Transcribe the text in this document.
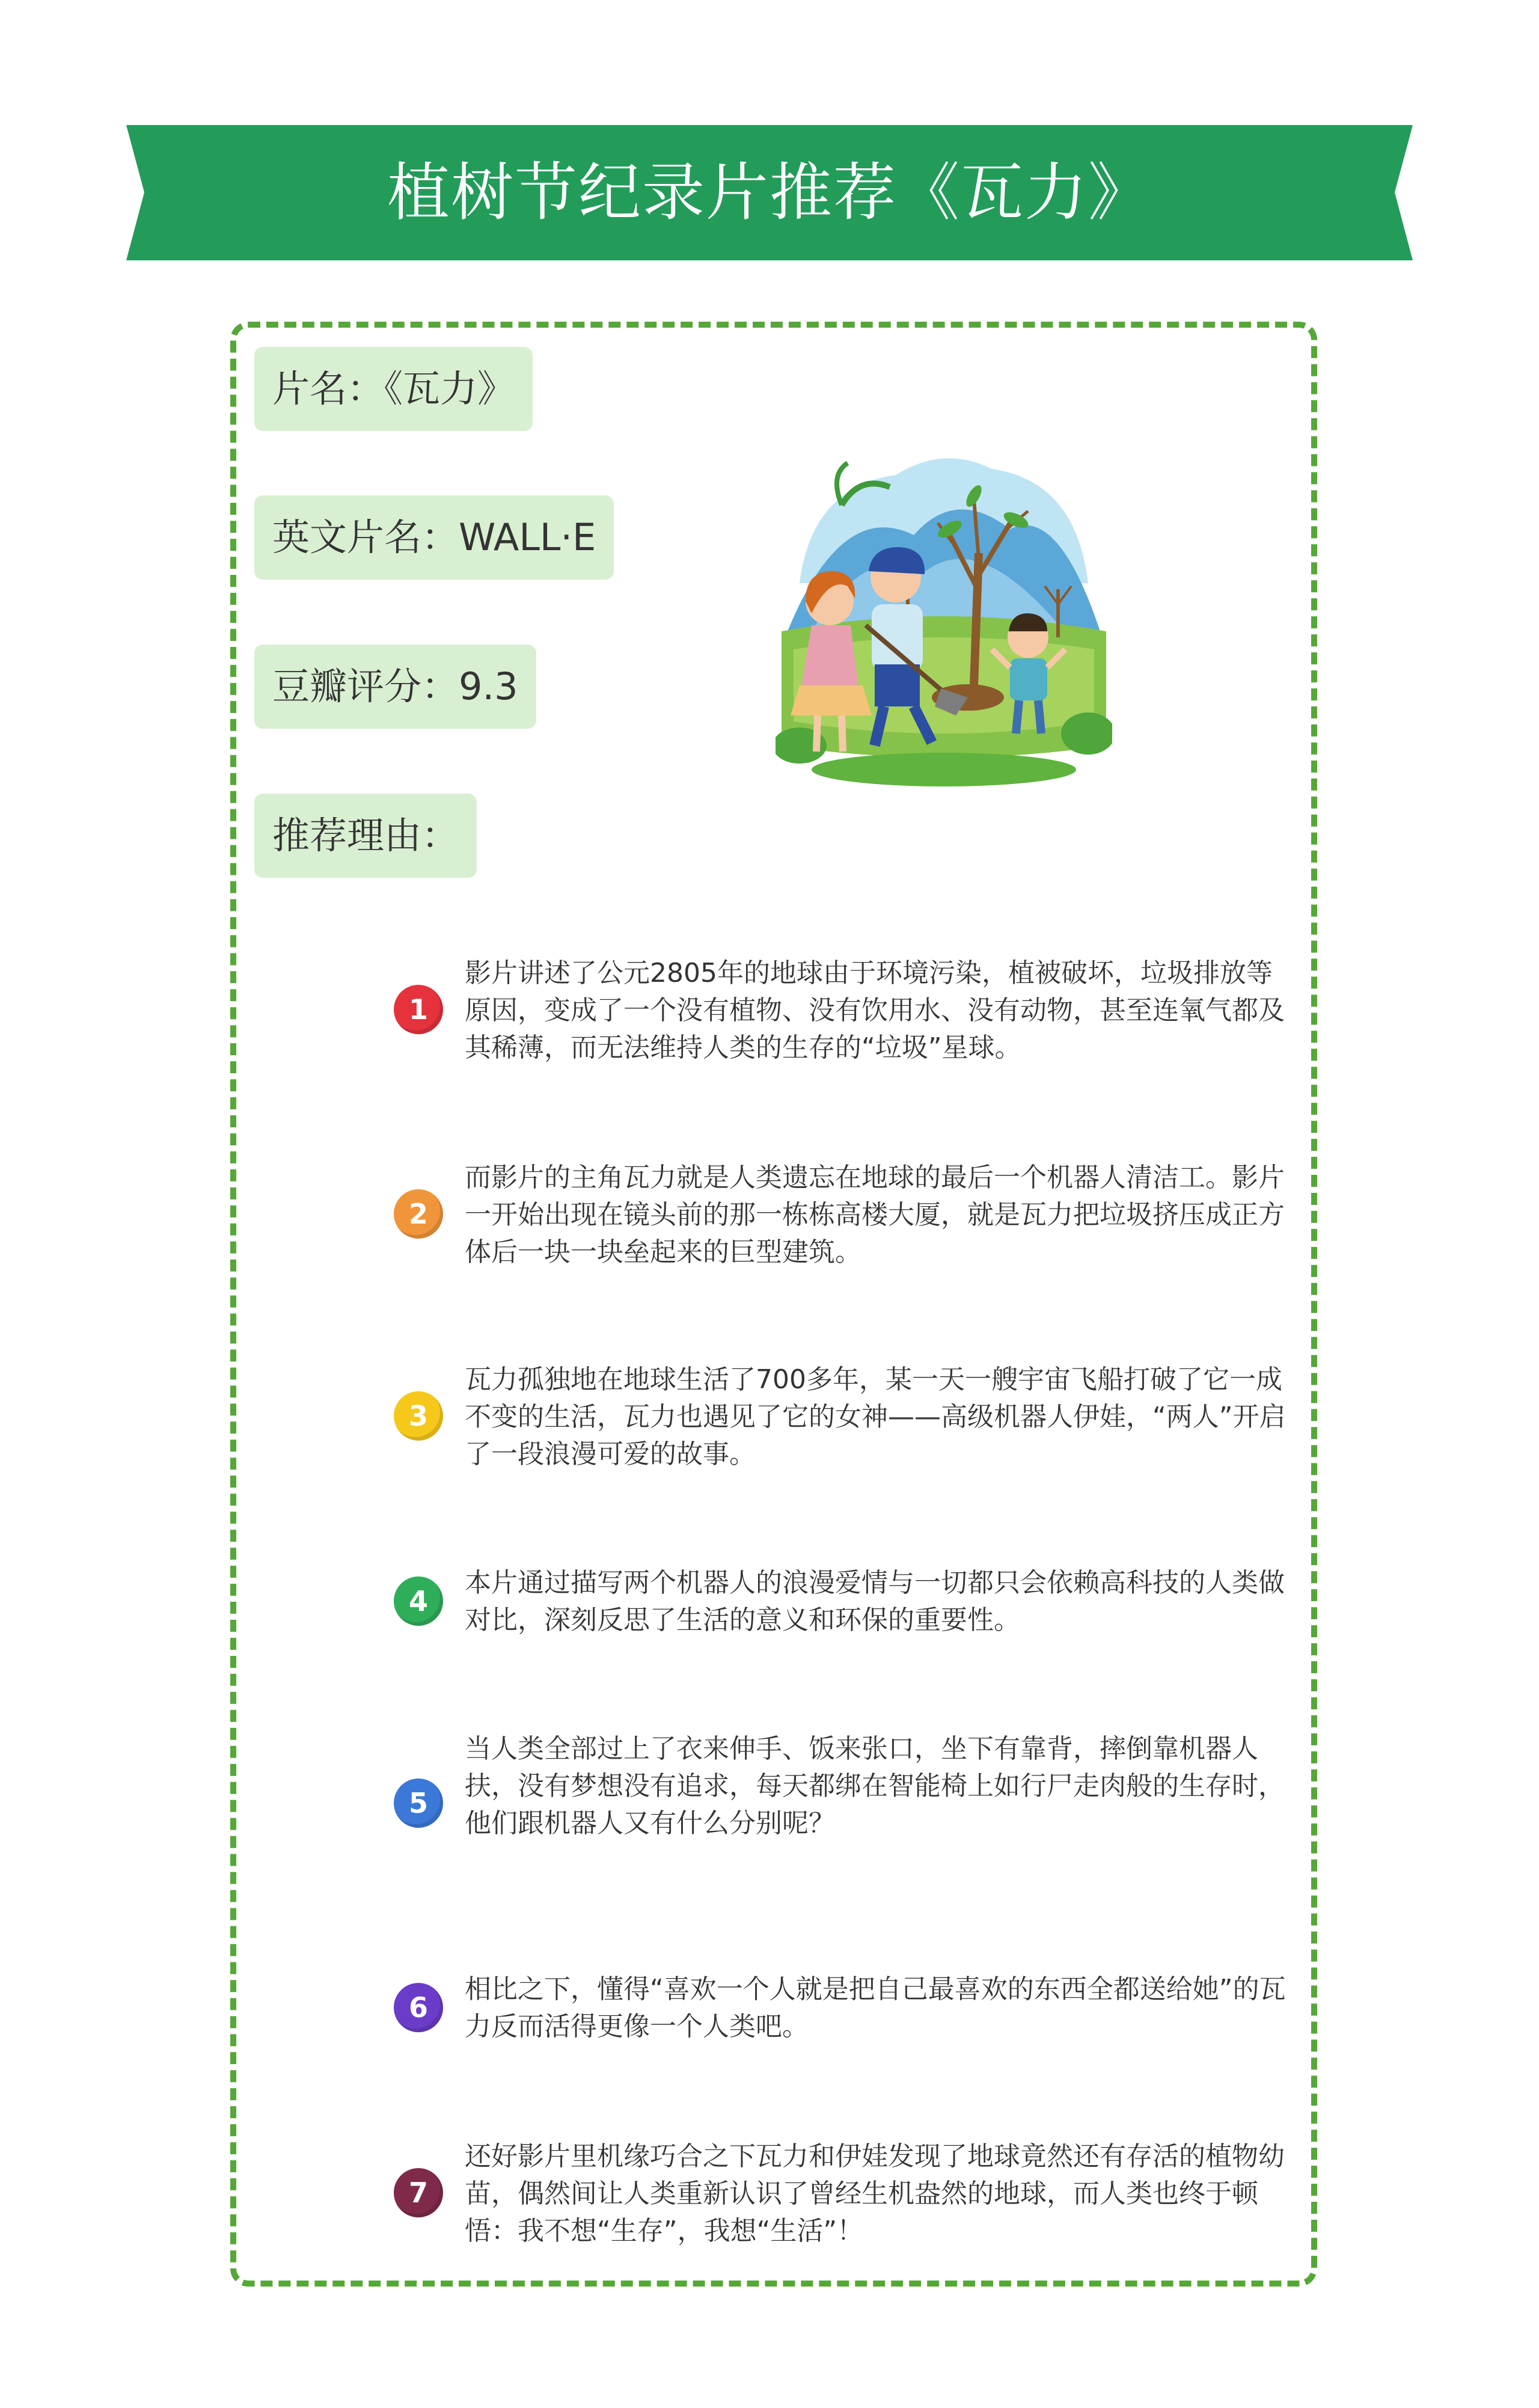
植树节纪录片推荐《瓦力》
片名：《瓦力》
英文片名：WALL·E
豆瓣评分：9.3
推荐理由：
1
影片讲述了公元2805年的地球由于环境污染，植被破坏，垃圾排放等原因，变成了一个没有植物、没有饮用水、没有动物，甚至连氧气都及其稀薄，而无法维持人类的生存的“垃圾”星球。
2
而影片的主角瓦力就是人类遗忘在地球的最后一个机器人清洁工。影片一开始出现在镜头前的那一栋栋高楼大厦，就是瓦力把垃圾挤压成正方体后一块一块垒起来的巨型建筑。
3
瓦力孤独地在地球生活了700多年，某一天一艘宇宙飞船打破了它一成不变的生活，瓦力也遇见了它的女神——高级机器人伊娃，“两人”开启了一段浪漫可爱的故事。
4
本片通过描写两个机器人的浪漫爱情与一切都只会依赖高科技的人类做对比，深刻反思了生活的意义和环保的重要性。
5
当人类全部过上了衣来伸手、饭来张口，坐下有靠背，摔倒靠机器人扶，没有梦想没有追求，每天都绑在智能椅上如行尸走肉般的生存时，他们跟机器人又有什么分别呢？
6
相比之下，懂得“喜欢一个人就是把自己最喜欢的东西全都送给她”的瓦力反而活得更像一个人类吧。
7
还好影片里机缘巧合之下瓦力和伊娃发现了地球竟然还有存活的植物幼苗，偶然间让人类重新认识了曾经生机盎然的地球，而人类也终于顿悟：我不想“生存”，我想“生活”！
